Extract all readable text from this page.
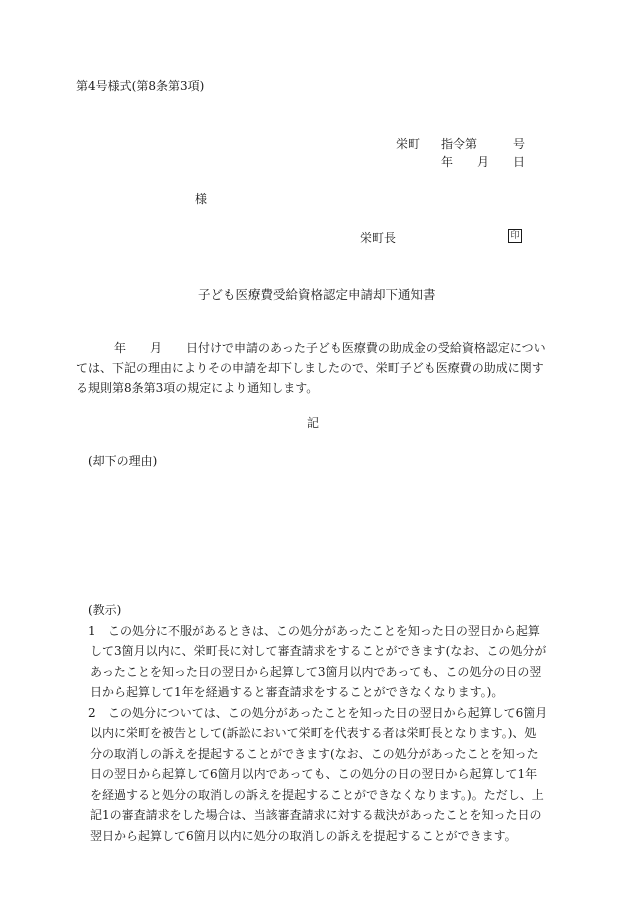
第4号様式(第8条第3項)
栄町 指令第　　　号
年　　月　　日
様
栄町長	印
子ども医療費受給資格認定申請却下通知書
年　　月　　日付けで申請のあった子ども医療費の助成金の受給資格認定については、下記の理由によりその申請を却下しましたので、栄町子ども医療費の助成に関する規則第8条第3項の規定により通知します。
記
(却下の理由)
(教示)
1	この処分に不服があるときは、この処分があったことを知った日の翌日から起算して3箇月以内に、栄町長に対して審査請求をすることができます(なお、この処分があったことを知った日の翌日から起算して3箇月以内であっても、この処分の日の翌日から起算して1年を経過すると審査請求をすることができなくなります。)。
2	この処分については、この処分があったことを知った日の翌日から起算して6箇月以内に栄町を被告として(訴訟において栄町を代表する者は栄町長となります。)、処分の取消しの訴えを提起することができます(なお、この処分があったことを知った日の翌日から起算して6箇月以内であっても、この処分の日の翌日から起算して1年を経過すると処分の取消しの訴えを提起することができなくなります。)。ただし、上記1の審査請求をした場合は、当該審査請求に対する裁決があったことを知った日の翌日から起算して6箇月以内に処分の取消しの訴えを提起することができます。
